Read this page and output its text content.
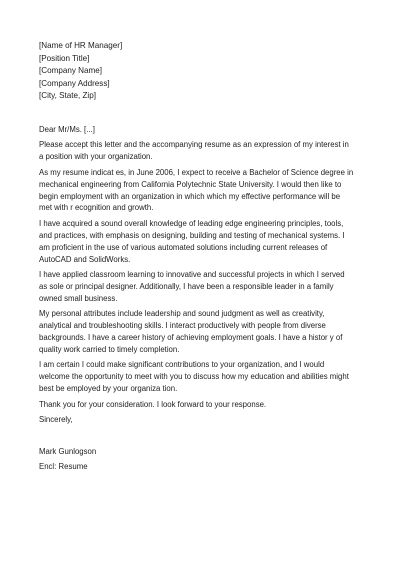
[Name of HR Manager]
[Position Title]
[Company Name]
[Company Address]
[City, State, Zip]
Dear Mr/Ms. [...]
Please accept this letter and the accompanying resume as an expression of my interest in
a position with your organization.
As my resume indicat es, in June 2006, I expect to receive a Bachelor of Science degree in
mechanical engineering from California Polytechnic State University. I would then like to
begin employment with an organization in which which my effective performance will be
met with r ecognition and growth.
I have acquired a sound overall knowledge of leading edge engineering principles, tools,
and practices, with emphasis on designing, building and testing of mechanical systems. I
am proficient in the use of various automated solutions including current releases of
AutoCAD and SolidWorks.
I have applied classroom learning to innovative and successful projects in which I served
as sole or principal designer. Additionally, I have been a responsible leader in a family
owned small business.
My personal attributes include leadership and sound judgment as well as creativity,
analytical and troubleshooting skills. I interact productively with people from diverse
backgrounds. I have a career history of achieving employment goals. I have a histor y of
quality work carried to timely completion.
I am certain I could make significant contributions to your organization, and I would
welcome the opportunity to meet with you to discuss how my education and abilities might
best be employed by your organiza tion.
Thank you for your consideration. I look forward to your response.
Sincerely,
Mark Gunlogson
Encl: Resume
